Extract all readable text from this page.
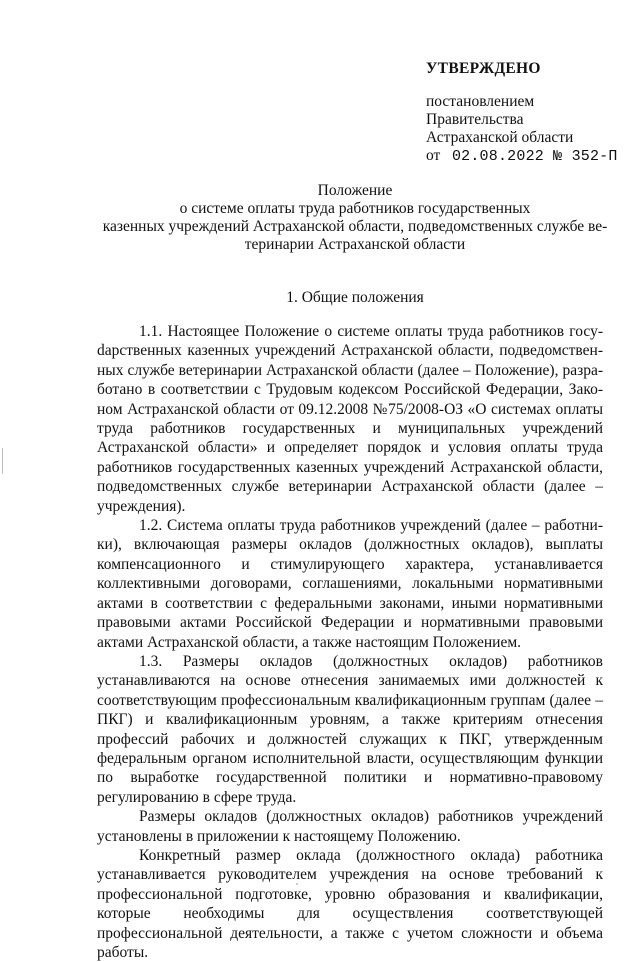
УТВЕРЖДЕНО
постановлением
Правительства
Астраханской области
от 02.08.2022 № 352-П
Положение
о системе оплаты труда работников государственных
казенных учреждений Астраханской области, подведомственных службе ве-
теринарии Астраханской области
1. Общие положения

1.1. Настоящее Положение о системе оплаты труда работников госуdарственных казенных учреждений Астраханской области, подведомственных службе ветеринарии Астраханской области (далее – Положение), разработано в соответствии с Трудовым кодексом Российской Федерации, Законом Астраханской области от 09.12.2008 №75/2008-ОЗ «О системах оплаты труда работников государственных и муниципальных учреждений Астраханской области» и определяет порядок и условия оплаты труда работников государственных казенных учреждений Астраханской области, подведомственных службе ветеринарии Астраханской области (далее – учреждения).

1.2. Система оплаты труда работников учреждений (далее – работники), включающая размеры окладов (должностных окладов), выплаты компенсационного и стимулирующего характера, устанавливается коллективными договорами, соглашениями, локальными нормативными актами в соответствии с федеральными законами, иными нормативными правовыми актами Российской Федерации и нормативными правовыми актами Астраханской области, а также настоящим Положением.

1.3. Размеры окладов (должностных окладов) работников устанавливаются на основе отнесения занимаемых ими должностей к соответствующим профессиональным квалификационным группам (далее – ПКГ) и квалификационным уровням, а также критериям отнесения профессий рабочих и должностей служащих к ПКГ, утвержденным федеральным органом исполнительной власти, осуществляющим функции по выработке государственной политики и нормативно-правовому регулированию в сфере труда.

Размеры окладов (должностных окладов) работников учреждений установлены в приложении к настоящему Положению.

Конкретный размер оклада (должностного оклада) работника устанавливается руководителем учреждения на основе требований к профессиональной подготовке, уровню образования и квалификации, которые необходимы для осуществления соответствующей профессиональной деятельности, а также с учетом сложности и объема работы.
